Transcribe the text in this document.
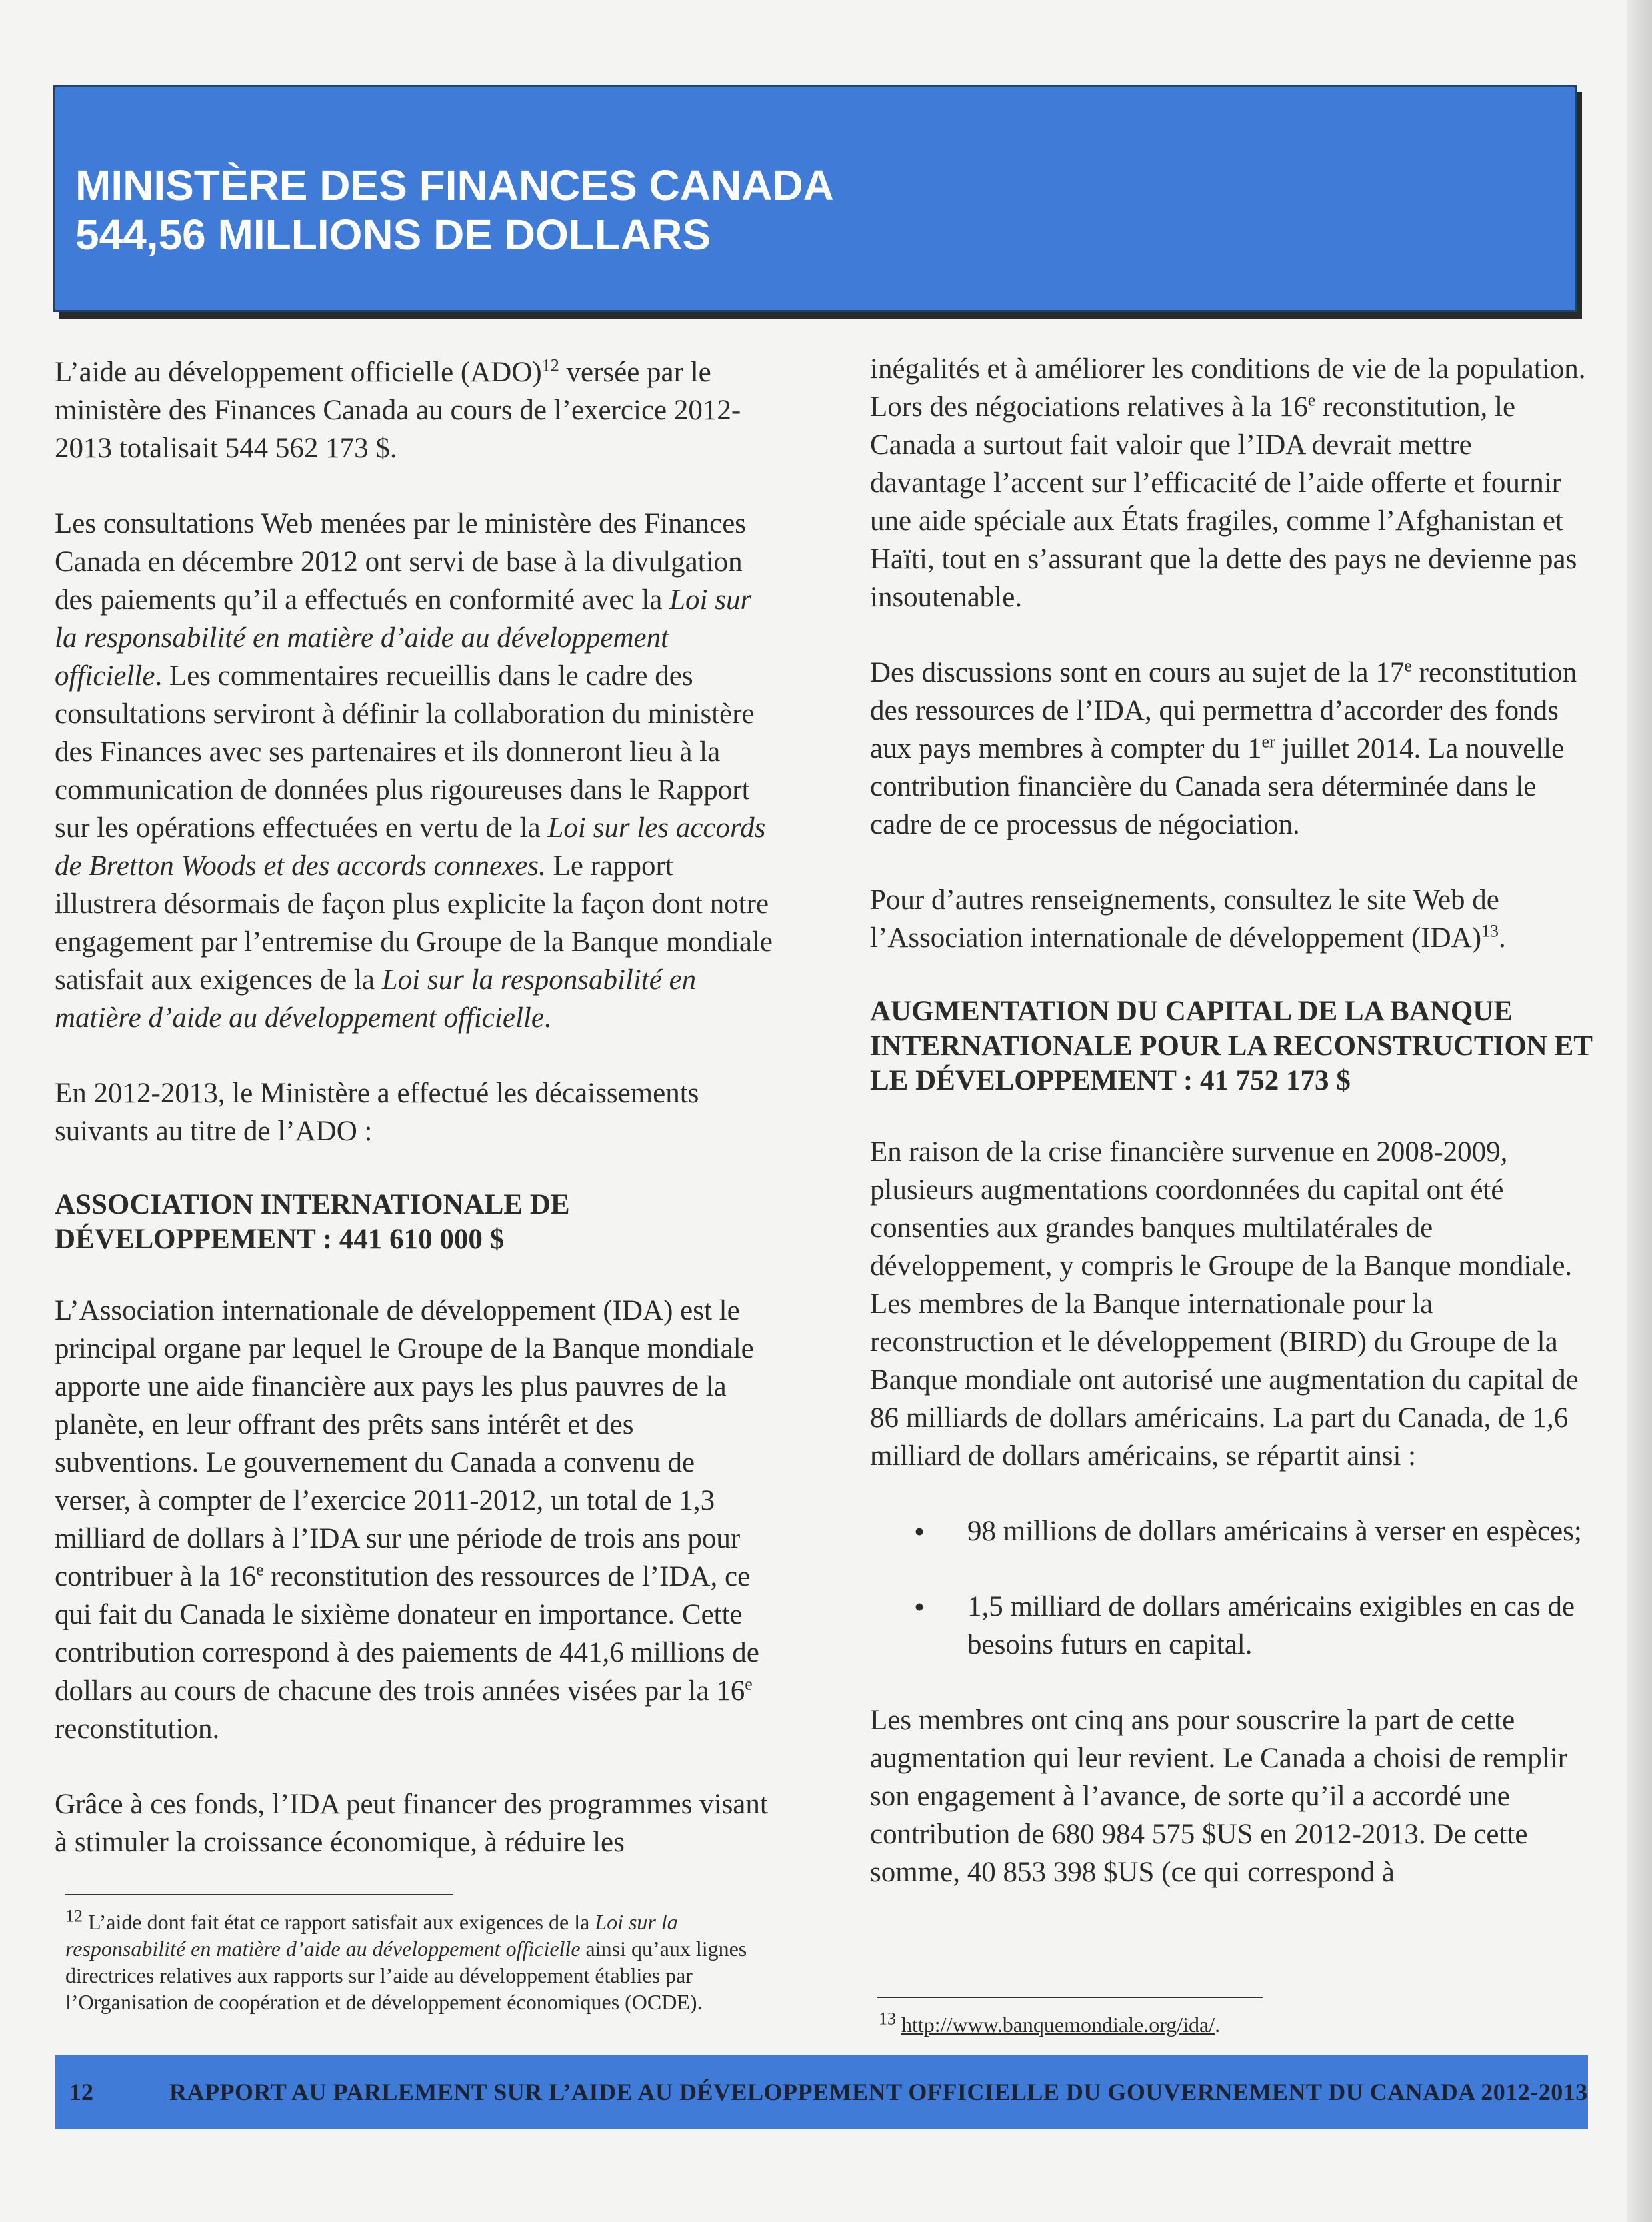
MINISTÈRE DES FINANCES CANADA
544,56 MILLIONS DE DOLLARS

L’aide au développement officielle (ADO)$^{12}$ versée par le ministère des Finances Canada au cours de l’exercice 2012-2013 totalisait 544 562 173 $.

Les consultations Web menées par le ministère des Finances Canada en décembre 2012 ont servi de base à la divulgation des paiements qu’il a effectués en conformité avec la Loi sur la responsabilité en matière d’aide au développement officielle. Les commentaires recueillis dans le cadre des consultations serviront à définir la collaboration du ministère des Finances avec ses partenaires et ils donneront lieu à la communication de données plus rigoureuses dans le Rapport sur les opérations effectuées en vertu de la Loi sur les accords de Bretton Woods et des accords connexes. Le rapport illustrera désormais de façon plus explicite la façon dont notre engagement par l’entremise du Groupe de la Banque mondiale satisfait aux exigences de la Loi sur la responsabilité en matière d’aide au développement officielle.

En 2012-2013, le Ministère a effectué les décaissements suivants au titre de l’ADO :

ASSOCIATION INTERNATIONALE DE DÉVELOPPEMENT : 441 610 000 $

L’Association internationale de développement (IDA) est le principal organe par lequel le Groupe de la Banque mondiale apporte une aide financière aux pays les plus pauvres de la planète, en leur offrant des prêts sans intérêt et des subventions. Le gouvernement du Canada a convenu de verser, à compter de l’exercice 2011-2012, un total de 1,3 milliard de dollars à l’IDA sur une période de trois ans pour contribuer à la 16e reconstitution des ressources de l’IDA, ce qui fait du Canada le sixième donateur en importance. Cette contribution correspond à des paiements de 441,6 millions de dollars au cours de chacune des trois années visées par la 16e reconstitution.

Grâce à ces fonds, l’IDA peut financer des programmes visant à stimuler la croissance économique, à réduire les

$^{12}$ L’aide dont fait état ce rapport satisfait aux exigences de la Loi sur la responsabilité en matière d’aide au développement officielle ainsi qu’aux lignes directrices relatives aux rapports sur l’aide au développement établies par l’Organisation de coopération et de développement économiques (OCDE).

inégalités et à améliorer les conditions de vie de la population. Lors des négociations relatives à la 16e reconstitution, le Canada a surtout fait valoir que l’IDA devrait mettre davantage l’accent sur l’efficacité de l’aide offerte et fournir une aide spéciale aux États fragiles, comme l’Afghanistan et Haïti, tout en s’assurant que la dette des pays ne devienne pas insoutenable.

Des discussions sont en cours au sujet de la 17e reconstitution des ressources de l’IDA, qui permettra d’accorder des fonds aux pays membres à compter du 1er juillet 2014. La nouvelle contribution financière du Canada sera déterminée dans le cadre de ce processus de négociation.

Pour d’autres renseignements, consultez le site Web de l’Association internationale de développement (IDA)$^{13}$.

AUGMENTATION DU CAPITAL DE LA BANQUE INTERNATIONALE POUR LA RECONSTRUCTION ET LE DÉVELOPPEMENT : 41 752 173 $

En raison de la crise financière survenue en 2008-2009, plusieurs augmentations coordonnées du capital ont été consenties aux grandes banques multilatérales de développement, y compris le Groupe de la Banque mondiale. Les membres de la Banque internationale pour la reconstruction et le développement (BIRD) du Groupe de la Banque mondiale ont autorisé une augmentation du capital de 86 milliards de dollars américains. La part du Canada, de 1,6 milliard de dollars américains, se répartit ainsi :

• 98 millions de dollars américains à verser en espèces;
• 1,5 milliard de dollars américains exigibles en cas de besoins futurs en capital.

Les membres ont cinq ans pour souscrire la part de cette augmentation qui leur revient. Le Canada a choisi de remplir son engagement à l’avance, de sorte qu’il a accordé une contribution de 680 984 575 $US en 2012-2013. De cette somme, 40 853 398 $US (ce qui correspond à

$^{13}$ http://www.banquemondiale.org/ida/.
12	RAPPORT AU PARLEMENT SUR L’AIDE AU DÉVELOPPEMENT OFFICIELLE DU GOUVERNEMENT DU CANADA 2012-2013
